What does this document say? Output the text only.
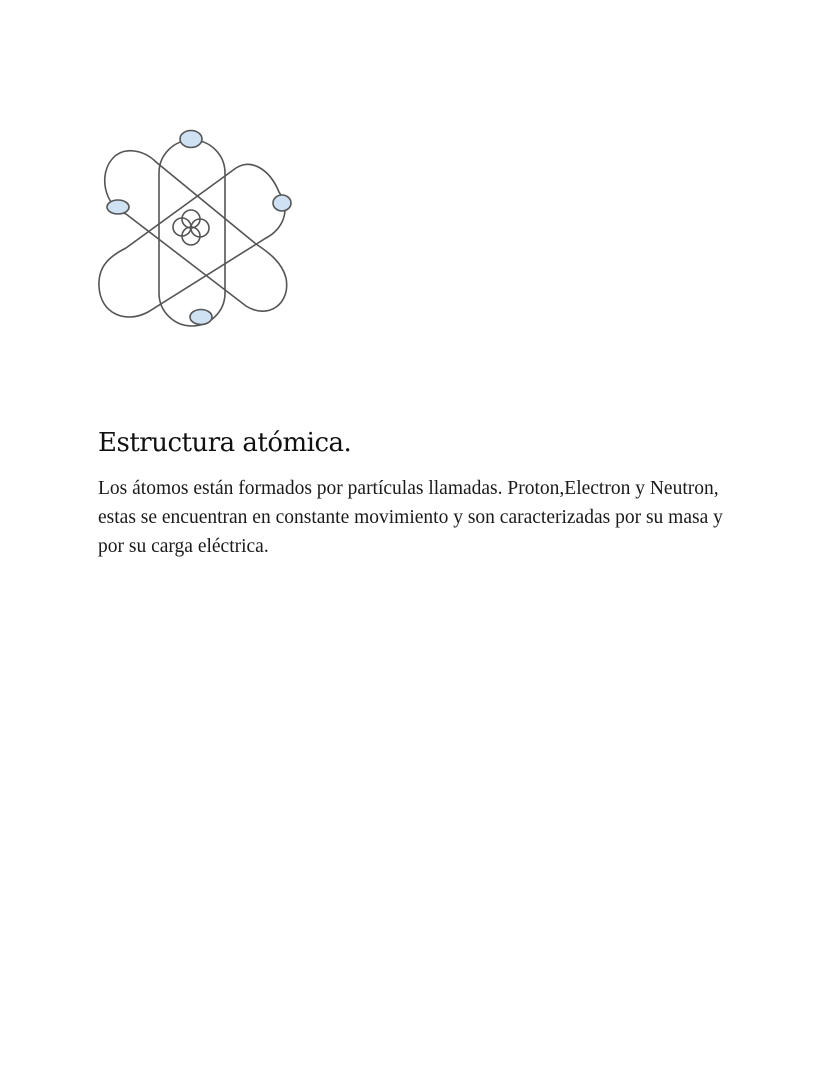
Estructura atómica.

Los átomos están formados por partículas llamadas. Proton,Electron y Neutron, estas se encuentran en constante movimiento y son caracterizadas por su masa y por su carga eléctrica.
